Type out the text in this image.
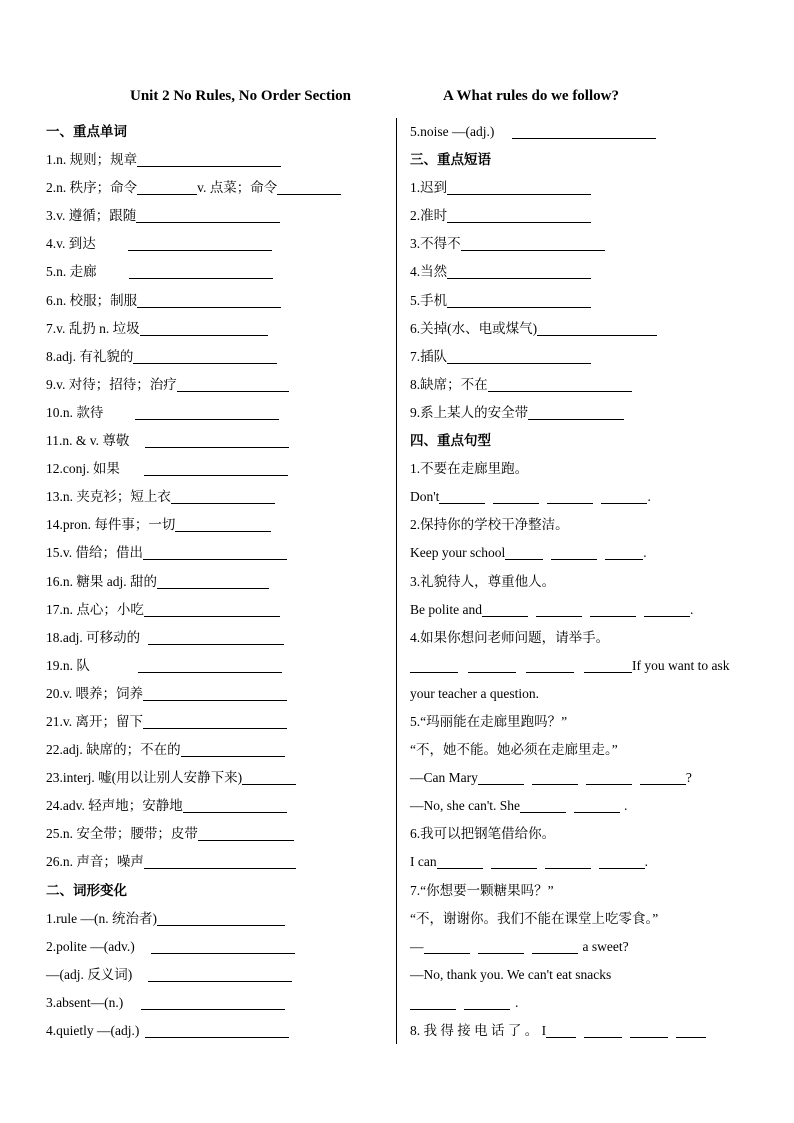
Unit 2 No Rules, No Order Section	A What rules do we follow?
一、重点单词
1.n. 规则；规章
2.n. 秩序；命令	v. 点菜；命令
3.v. 遵循；跟随
4.v. 到达
5.n. 走廊
6.n. 校服；制服
7.v. 乱扔 n. 垃圾
8.adj. 有礼貌的
9.v. 对待；招待；治疗
10.n. 款待
11.n. & v. 尊敬
12.conj. 如果
13.n. 夹克衫；短上衣
14.pron. 每件事；一切
15.v. 借给；借出
16.n. 糖果 adj. 甜的
17.n. 点心；小吃
18.adj. 可移动的
19.n. 队
20.v. 喂养；饲养
21.v. 离开；留下
22.adj. 缺席的；不在的
23.interj. 嘘(用以让别人安静下来)
24.adv. 轻声地；安静地
25.n. 安全带；腰带；皮带
26.n. 声音；噪声
二、词形变化
1.rule —(n. 统治者)
2.polite —(adv.)
—(adj. 反义词)
3.absent—(n.)
4.quietly —(adj.)
5.noise —(adj.)
三、重点短语
1.迟到
2.准时
3.不得不
4.当然
5.手机
6.关掉(水、电或煤气)
7.插队
8.缺席；不在
9.系上某人的安全带
四、重点句型
1.不要在走廊里跑。
Don't	.
2.保持你的学校干净整洁。
Keep your school	.
3.礼貌待人，尊重他人。
Be polite and	.
4.如果你想问老师问题，请举手。
If you want to ask
your teacher a question.
5.“玛丽能在走廊里跑吗？”
“不，她不能。她必须在走廊里走。”
—Can Mary	?
—No, she can't. She	.
6.我可以把钢笔借给你。
I can	.
7.“你想要一颗糖果吗？”
“不，谢谢你。我们不能在课堂上吃零食。”
—	a sweet?
—No, thank you. We can't eat snacks
.
8. 我 得 接 电 话 了 。 I
